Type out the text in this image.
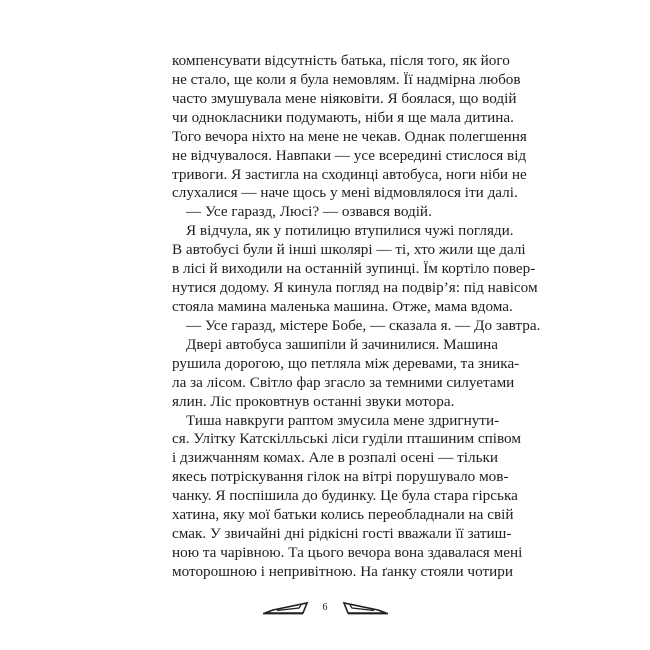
компенсувати відсутність батька, після того, як його
не стало, ще коли я була немовлям. Її надмірна любов
часто змушувала мене ніяковіти. Я боялася, що водій
чи однокласники подумають, ніби я ще мала дитина.
Того вечора ніхто на мене не чекав. Однак полегшення
не відчувалося. Навпаки — усе всередині стислося від
тривоги. Я застигла на сходинці автобуса, ноги ніби не
слухалися — наче щось у мені відмовлялося іти далі.
— Усе гаразд, Люсі? — озвався водій.
Я відчула, як у потилицю втупилися чужі погляди.
В автобусі були й інші школярі — ті, хто жили ще далі
в лісі й виходили на останній зупинці. Їм кортіло повер-
нутися додому. Я кинула погляд на подвір’я: під навісом
стояла мамина маленька машина. Отже, мама вдома.
— Усе гаразд, містере Бобе, — сказала я. — До завтра.
Двері автобуса зашипіли й зачинилися. Машина
рушила дорогою, що петляла між деревами, та зника-
ла за лісом. Світло фар згасло за темними силуетами
ялин. Ліс проковтнув останні звуки мотора.
Тиша навкруги раптом змусила мене здригнути-
ся. Улітку Катскілльські ліси гуділи пташиним співом
і дзижчанням комах. Але в розпалі осені — тільки
якесь потріскування гілок на вітрі порушувало мов-
чанку. Я поспішила до будинку. Це була стара гірська
хатина, яку мої батьки колись переобладнали на свій
смак. У звичайні дні рідкісні гості вважали її затиш-
ною та чарівною. Та цього вечора вона здавалася мені
моторошною і непривітною. На ґанку стояли чотири
6
